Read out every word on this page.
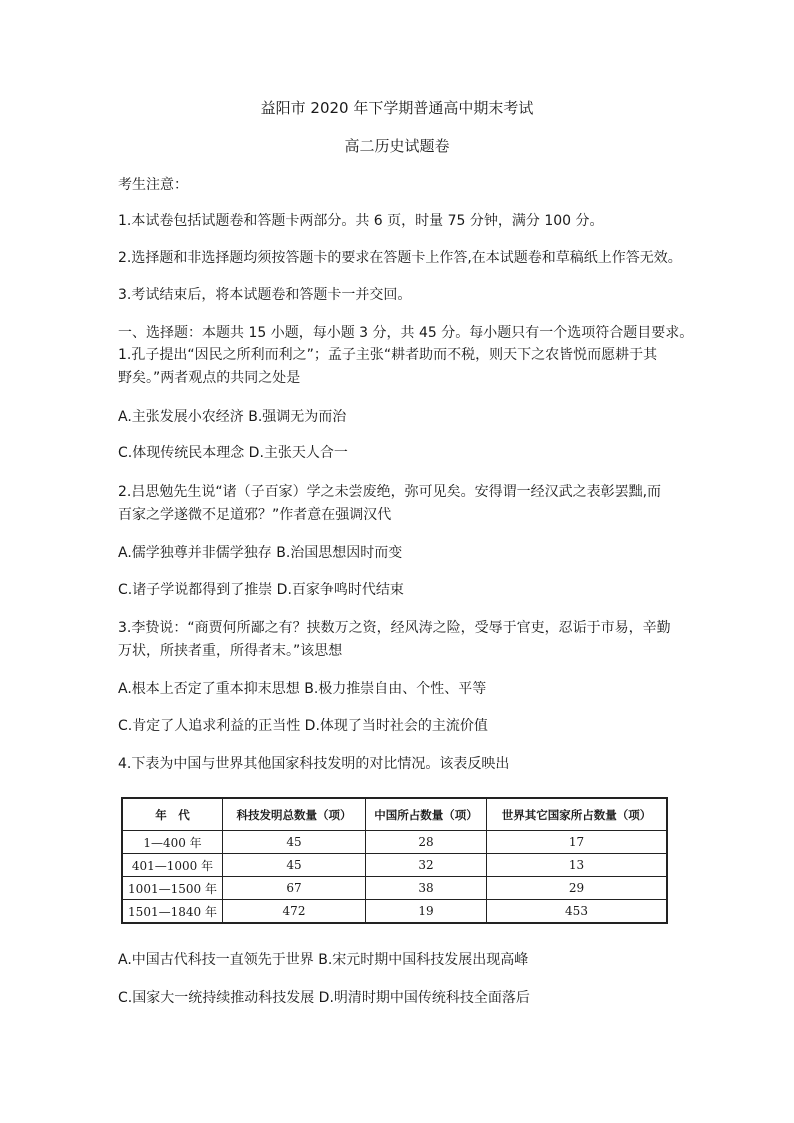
益阳市 2020 年下学期普通高中期末考试
高二历史试题卷
考生注意：
1.本试卷包括试题卷和答题卡两部分。共 6 页，时量 75 分钟，满分 100 分。
2.选择题和非选择题均须按答题卡的要求在答题卡上作答,在本试题卷和草稿纸上作答无效。
3.考试结束后，将本试题卷和答题卡一并交回。
一、选择题：本题共 15 小题，每小题 3 分，共 45 分。每小题只有一个选项符合题目要求。
1.孔子提出“因民之所利而利之”；孟子主张“耕者助而不税，则天下之农皆悦而愿耕于其
野矣。”两者观点的共同之处是
A.主张发展小农经济 B.强调无为而治
C.体现传统民本理念 D.主张天人合一
2.吕思勉先生说“诸（子百家）学之未尝废绝，弥可见矣。安得谓一经汉武之表彰罢黜,而
百家之学遂微不足道邪？”作者意在强调汉代
A.儒学独尊并非儒学独存 B.治国思想因时而变
C.诸子学说都得到了推崇 D.百家争鸣时代结束
3.李贽说：“商贾何所鄙之有？挟数万之资，经风涛之险，受辱于官吏，忍诟于市易，辛勤
万状，所挟者重，所得者末。”该思想
A.根本上否定了重本抑末思想 B.极力推崇自由、个性、平等
C.肯定了人追求利益的正当性 D.体现了当时社会的主流价值
4.下表为中国与世界其他国家科技发明的对比情况。该表反映出
年　代	科技发明总数量（项）	中国所占数量（项）	世界其它国家所占数量（项）
1—400 年	45	28	17
401—1000 年	45	32	13
1001—1500 年	67	38	29
1501—1840 年	472	19	453
A.中国古代科技一直领先于世界 B.宋元时期中国科技发展出现高峰
C.国家大一统持续推动科技发展 D.明清时期中国传统科技全面落后
